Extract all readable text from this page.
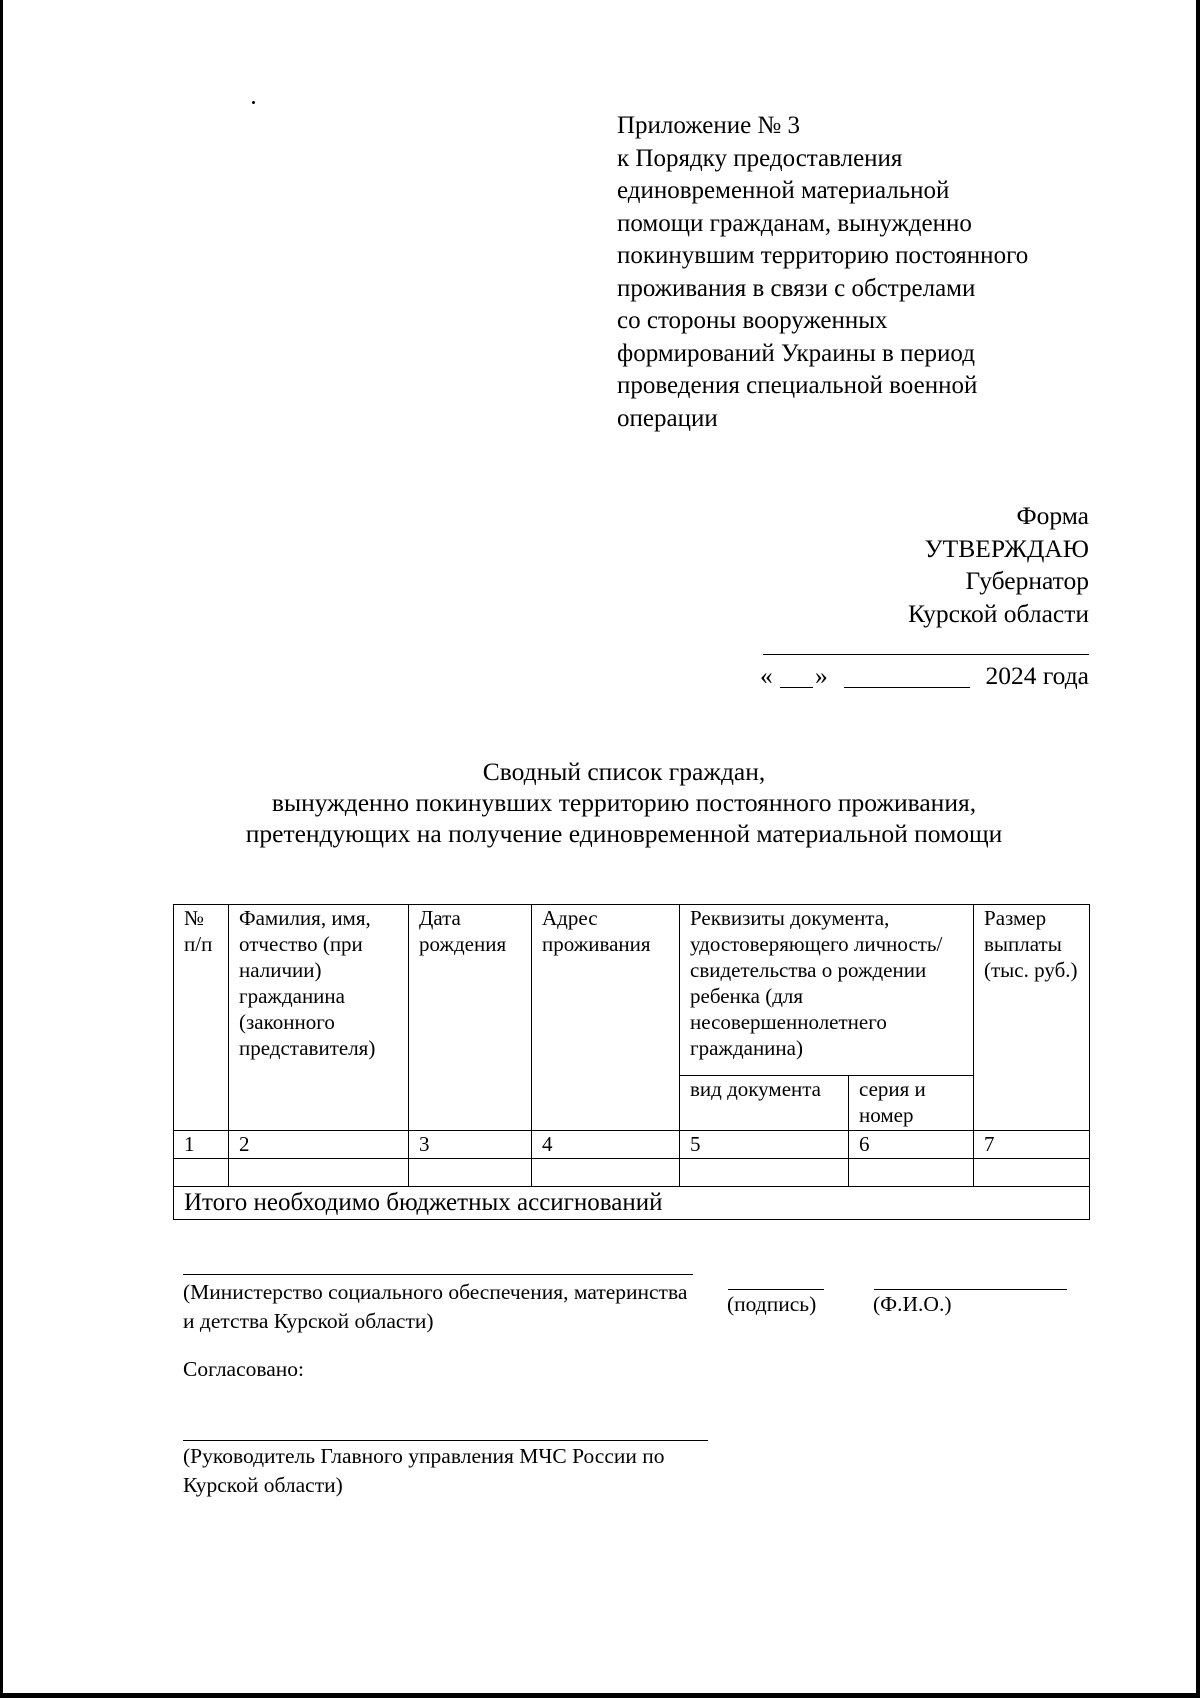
Приложение № 3
к Порядку предоставления
единовременной материальной
помощи гражданам, вынужденно
покинувшим территорию постоянного
проживания в связи с обстрелами
со стороны вооруженных
формирований Украины в период
проведения специальной военной
операции
Форма
УТВЕРЖДАЮ
Губернатор
Курской области
« »	2024 года
Сводный список граждан,
вынужденно покинувших территорию постоянного проживания,
претендующих на получение единовременной материальной помощи
№ п/п	Фамилия, имя, отчество (при наличии) гражданина (законного представителя)	Дата рождения	Адрес проживания	Реквизиты документа, удостоверяющего личность/свидетельства о рождении ребенка (для несовершеннолетнего гражданина)		Размер выплаты (тыс. руб.)
				вид документа	серия и номер	
1	2	3	4	5	6	7

Итого необходимо бюджетных ассигнований						
(Министерство социального обеспечения, материнства и детства Курской области)
(подпись)	(Ф.И.О.)
Согласовано:
(Руководитель Главного управления МЧС России по Курской области)
